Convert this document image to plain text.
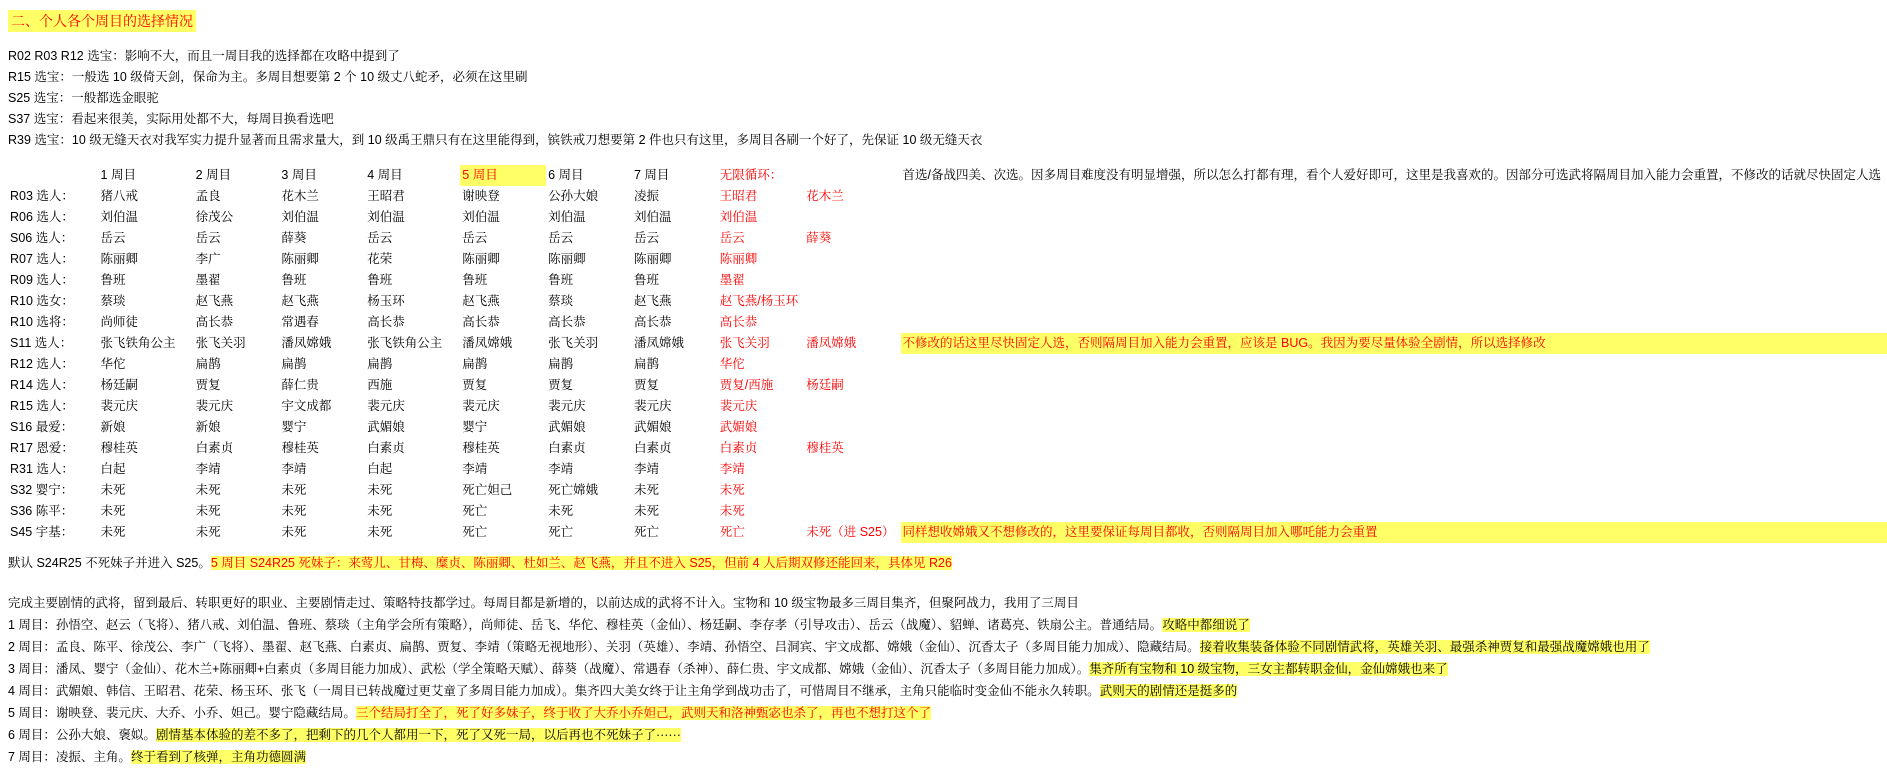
二、个人各个周目的选择情况
R02 R03 R12 选宝：影响不大，而且一周目我的选择都在攻略中提到了
R15 选宝：一般选 10 级倚天剑，保命为主。多周目想要第 2 个 10 级丈八蛇矛，必须在这里刷
S25 选宝：一般都选金眼驼
S37 选宝：看起来很美，实际用处都不大，每周目换看选吧
R39 选宝：10 级无缝天衣对我军实力提升显著而且需求量大，到 10 级禹王鼎只有在这里能得到，镔铁戒刀想要第 2 件也只有这里，多周目各刷一个好了，先保证 10 级无缝天衣
	1 周目	2 周目	3 周目	4 周目	5 周目	6 周目	7 周目	无限循环：		首选/备战四美、次选。因多周目难度没有明显增强，所以怎么打都有理，看个人爱好即可，这里是我喜欢的。因部分可选武将隔周目加入能力会重置，不修改的话就尽快固定人选
R03 选人：	猪八戒	孟良	花木兰	王昭君	谢映登	公孙大娘	凌振	王昭君	花木兰	
R06 选人：	刘伯温	徐茂公	刘伯温	刘伯温	刘伯温	刘伯温	刘伯温	刘伯温		
S06 选人：	岳云	岳云	薛葵	岳云	岳云	岳云	岳云	岳云	薛葵	
R07 选人：	陈丽卿	李广	陈丽卿	花荣	陈丽卿	陈丽卿	陈丽卿	陈丽卿		
R09 选人：	鲁班	墨翟	鲁班	鲁班	鲁班	鲁班	鲁班	墨翟		
R10 选女：	蔡琰	赵飞燕	赵飞燕	杨玉环	赵飞燕	蔡琰	赵飞燕	赵飞燕/杨玉环		
R10 选将：	尚师徒	高长恭	常遇春	高长恭	高长恭	高长恭	高长恭	高长恭		
S11 选人：	张飞铁角公主	张飞关羽	潘凤嫦娥	张飞铁角公主	潘凤嫦娥	张飞关羽	潘凤嫦娥	张飞关羽	潘凤嫦娥	不修改的话这里尽快固定人选，否则隔周目加入能力会重置，应该是 BUG。我因为要尽量体验全剧情，所以选择修改
R12 选人：	华佗	扁鹊	扁鹊	扁鹊	扁鹊	扁鹊	扁鹊	华佗		
R14 选人：	杨廷嗣	贾复	薛仁贵	西施	贾复	贾复	贾复	贾复/西施	杨廷嗣	
R15 选人：	裴元庆	裴元庆	宇文成都	裴元庆	裴元庆	裴元庆	裴元庆	裴元庆		
S16 最爱：	新娘	新娘	婴宁	武媚娘	婴宁	武媚娘	武媚娘	武媚娘		
R17 恩爱：	穆桂英	白素贞	穆桂英	白素贞	穆桂英	白素贞	白素贞	白素贞	穆桂英	
R31 选人：	白起	李靖	李靖	白起	李靖	李靖	李靖	李靖		
S32 婴宁：	未死	未死	未死	未死	死亡妲己	死亡嫦娥	未死	未死		
S36 陈平：	未死	未死	未死	未死	死亡	未死	未死	未死		
S45 宇基：	未死	未死	未死	未死	死亡	死亡	死亡	死亡	未死（进 S25）	同样想收嫦娥又不想修改的，这里要保证每周目都收，否则隔周目加入哪吒能力会重置
默认 S24R25 不死妹子并进入 S25。5 周目 S24R25 死妹子：来莺儿、甘梅、糜贞、陈丽卿、杜如兰、赵飞燕，并且不进入 S25，但前 4 人后期双修还能回来，具体见 R26
完成主要剧情的武将，留到最后、转职更好的职业、主要剧情走过、策略特技都学过。每周目都是新增的，以前达成的武将不计入。宝物和 10 级宝物最多三周目集齐，但聚阿战力，我用了三周目
1 周目：孙悟空、赵云（飞将）、猪八戒、刘伯温、鲁班、蔡琰（主角学会所有策略），尚师徒、岳飞、华佗、穆桂英（金仙）、杨廷嗣、李存孝（引导攻击）、岳云（战魔）、貂蝉、诸葛亮、铁扇公主。普通结局。攻略中都细说了
2 周目：孟良、陈平、徐茂公、李广（飞将）、墨翟、赵飞燕、白素贞、扁鹊、贾复、李靖（策略无视地形）、关羽（英雄）、李靖、孙悟空、吕洞宾、宇文成都、嫦娥（金仙）、沉香太子（多周目能力加成）、隐藏结局。接着收集装备体验不同剧情武将，英雄关羽、最强杀神贾复和最强战魔嫦娥也用了
3 周目：潘凤、婴宁（金仙）、花木兰+陈丽卿+白素贞（多周目能力加成）、武松（学全策略天赋）、薛葵（战魔）、常遇春（杀神）、薛仁贵、宇文成都、嫦娥（金仙）、沉香太子（多周目能力加成）。集齐所有宝物和 10 级宝物，三女主都转职金仙，金仙嫦娥也来了
4 周目：武媚娘、韩信、王昭君、花荣、杨玉环、张飞（一周目已转战魔过更艾童了多周目能力加成）。集齐四大美女终于让主角学到战功击了，可惜周目不继承，主角只能临时变金仙不能永久转职。武则天的剧情还是挺多的
5 周目：谢映登、裴元庆、大乔、小乔、妲己。婴宁隐藏结局。三个结局打全了，死了好多妹子，终于收了大乔小乔妲己，武则天和洛神甄宓也杀了，再也不想打这个了
6 周目：公孙大娘、褒姒。剧情基本体验的差不多了，把剩下的几个人都用一下，死了又死一局，以后再也不死妹子了······
7 周目：凌振、主角。终于看到了核弹，主角功德圆满
